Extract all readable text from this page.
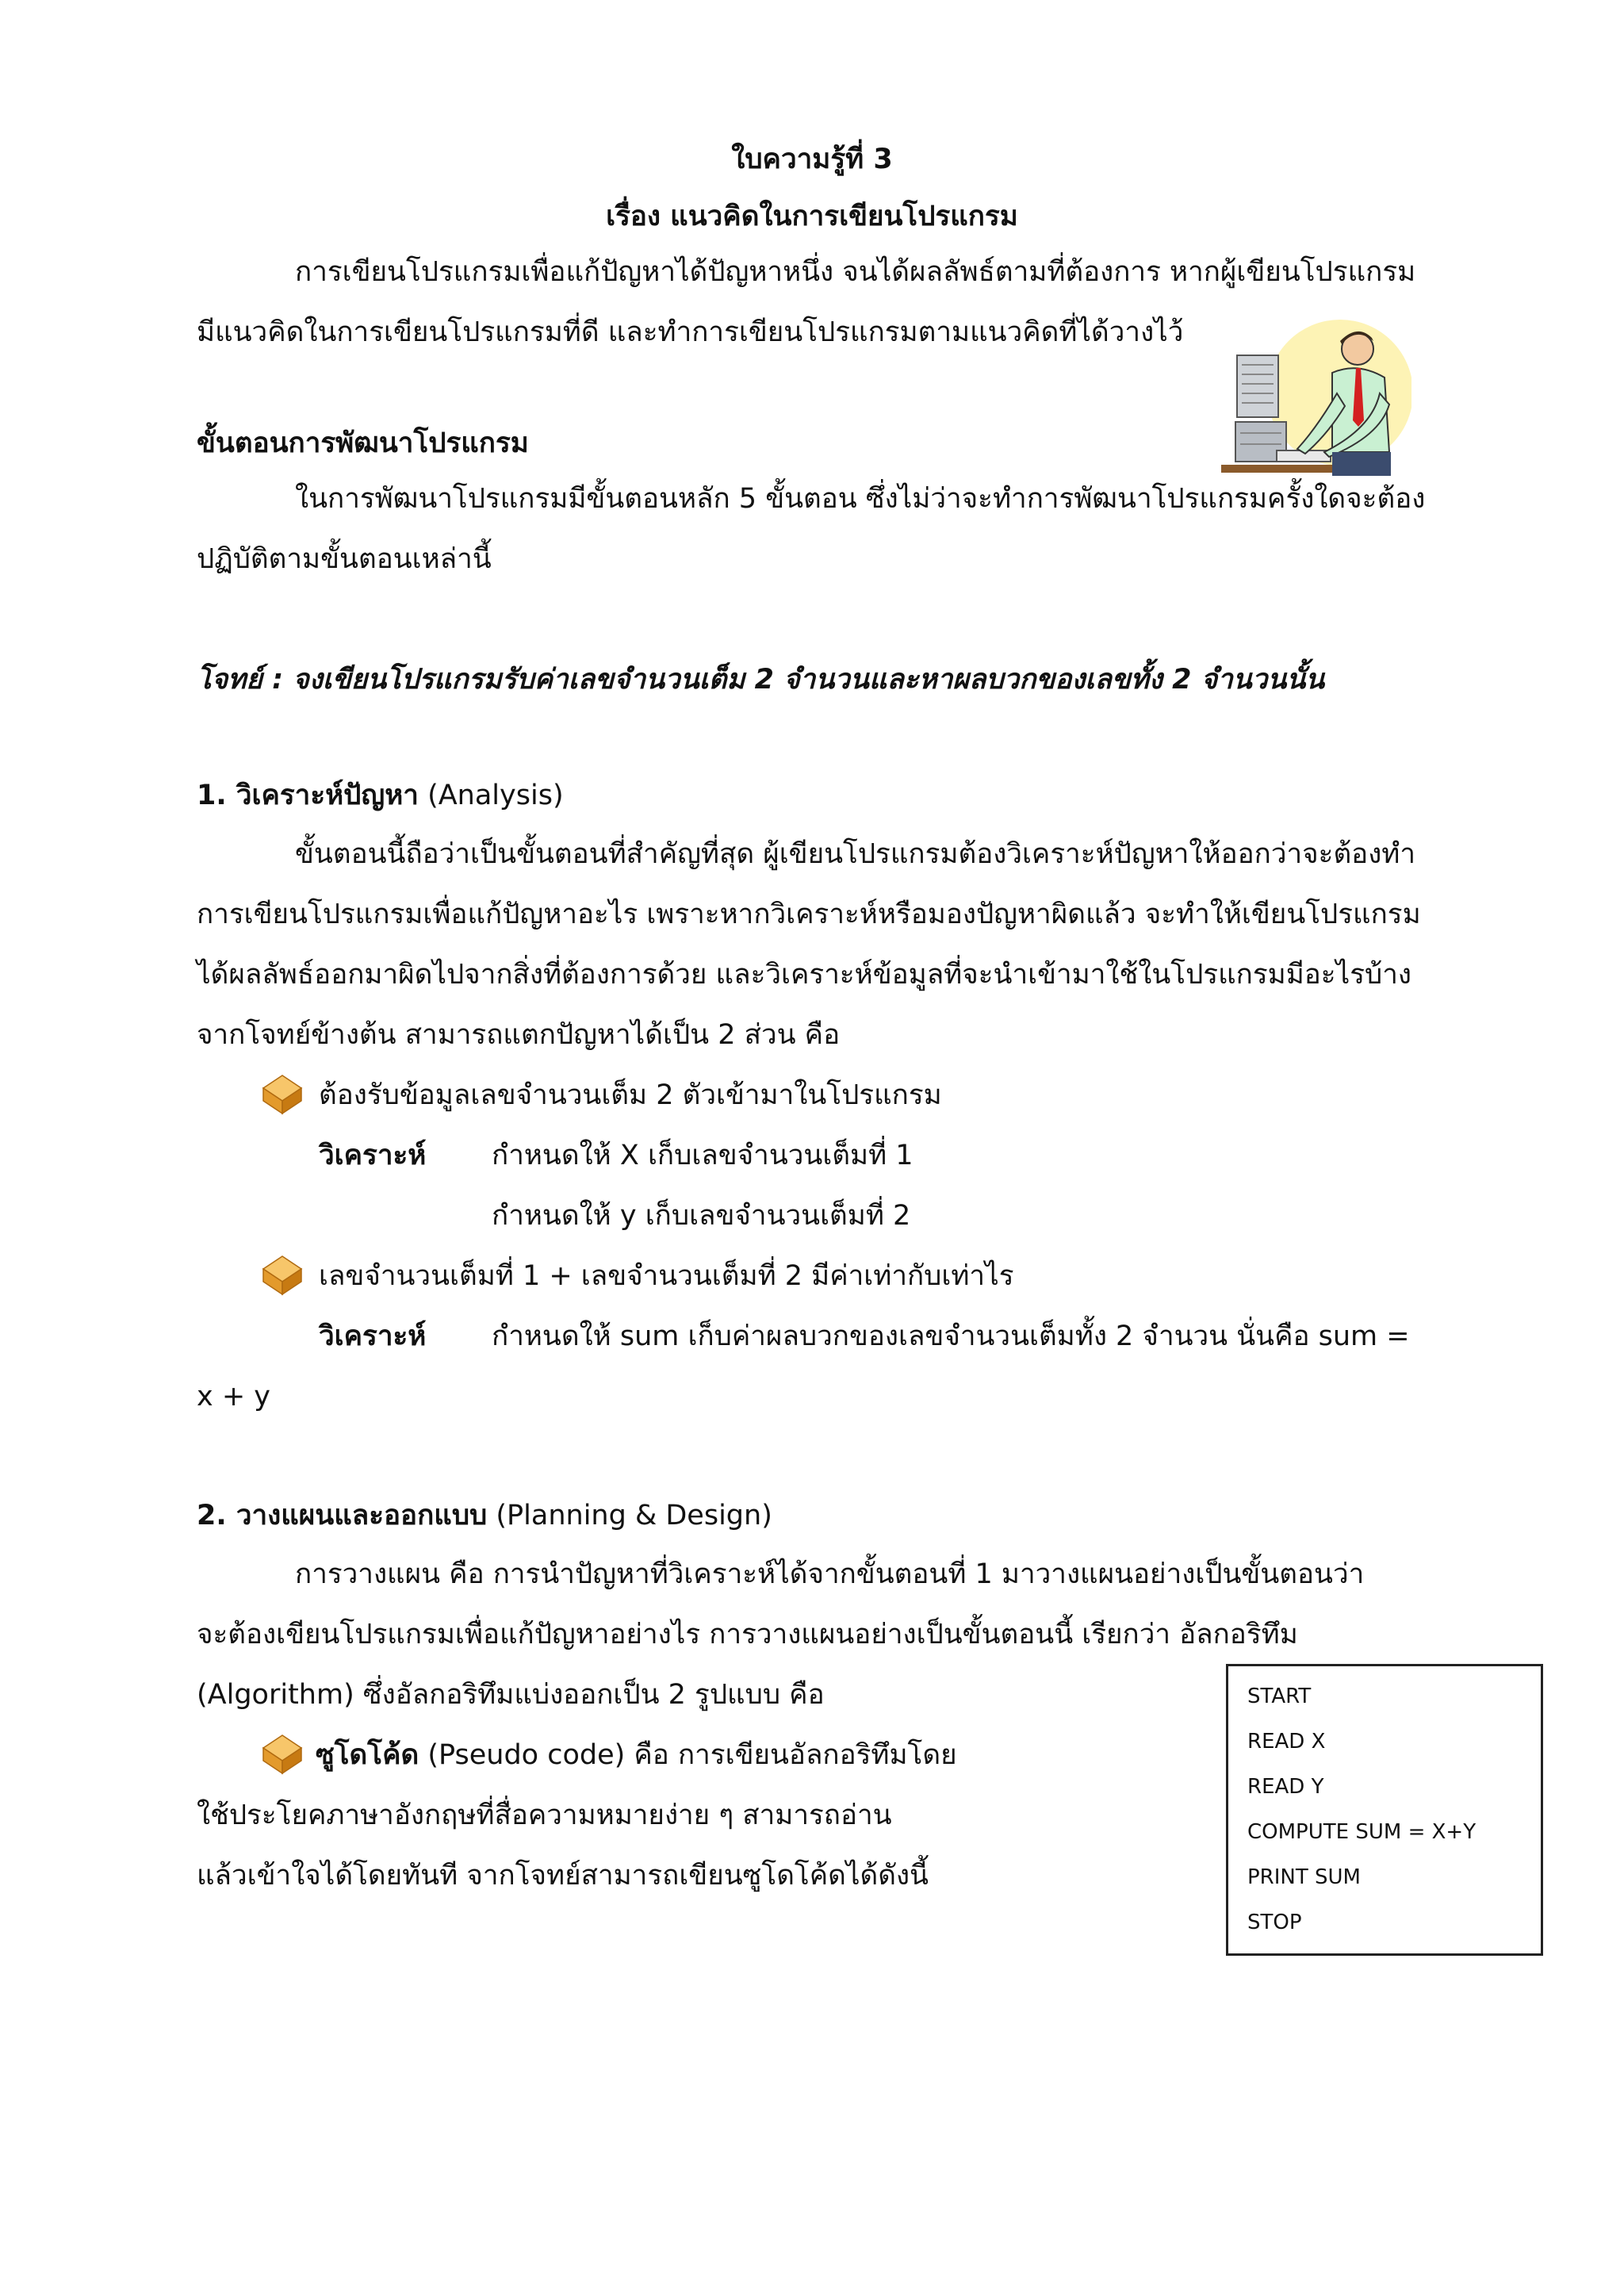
ใบความรู้ที่ 3
เรื่อง แนวคิดในการเขียนโปรแกรม
การเขียนโปรแกรมเพื่อแก้ปัญหาได้ปัญหาหนึ่ง จนได้ผลลัพธ์ตามที่ต้องการ หากผู้เขียนโปรแกรม
มีแนวคิดในการเขียนโปรแกรมที่ดี และทำการเขียนโปรแกรมตามแนวคิดที่ได้วางไว้
ขั้นตอนการพัฒนาโปรแกรม
ในการพัฒนาโปรแกรมมีขั้นตอนหลัก 5 ขั้นตอน ซึ่งไม่ว่าจะทำการพัฒนาโปรแกรมครั้งใดจะต้อง
ปฏิบัติตามขั้นตอนเหล่านี้
โจทย์ : จงเขียนโปรแกรมรับค่าเลขจำนวนเต็ม 2 จำนวนและหาผลบวกของเลขทั้ง 2 จำนวนนั้น
1. วิเคราะห์ปัญหา (Analysis)
ขั้นตอนนี้ถือว่าเป็นขั้นตอนที่สำคัญที่สุด ผู้เขียนโปรแกรมต้องวิเคราะห์ปัญหาให้ออกว่าจะต้องทำ
การเขียนโปรแกรมเพื่อแก้ปัญหาอะไร เพราะหากวิเคราะห์หรือมองปัญหาผิดแล้ว จะทำให้เขียนโปรแกรม
ได้ผลลัพธ์ออกมาผิดไปจากสิ่งที่ต้องการด้วย และวิเคราะห์ข้อมูลที่จะนำเข้ามาใช้ในโปรแกรมมีอะไรบ้าง
จากโจทย์ข้างต้น สามารถแตกปัญหาได้เป็น 2 ส่วน คือ
ต้องรับข้อมูลเลขจำนวนเต็ม 2 ตัวเข้ามาในโปรแกรม
วิเคราะห์ กำหนดให้ X เก็บเลขจำนวนเต็มที่ 1
กำหนดให้ y เก็บเลขจำนวนเต็มที่ 2
เลขจำนวนเต็มที่ 1 + เลขจำนวนเต็มที่ 2 มีค่าเท่ากับเท่าไร
วิเคราะห์ กำหนดให้ sum เก็บค่าผลบวกของเลขจำนวนเต็มทั้ง 2 จำนวน นั่นคือ sum =
x + y
2. วางแผนและออกแบบ (Planning & Design)
การวางแผน คือ การนำปัญหาที่วิเคราะห์ได้จากขั้นตอนที่ 1 มาวางแผนอย่างเป็นขั้นตอนว่า
จะต้องเขียนโปรแกรมเพื่อแก้ปัญหาอย่างไร การวางแผนอย่างเป็นขั้นตอนนี้ เรียกว่า อัลกอริทึม
(Algorithm) ซึ่งอัลกอริทึมแบ่งออกเป็น 2 รูปแบบ คือ
ซูโดโค้ด (Pseudo code) คือ การเขียนอัลกอริทึมโดย
ใช้ประโยคภาษาอังกฤษที่สื่อความหมายง่าย ๆ สามารถอ่าน
แล้วเข้าใจได้โดยทันที จากโจทย์สามารถเขียนซูโดโค้ดได้ดังนี้
START
READ X
READ Y
COMPUTE SUM = X+Y
PRINT SUM
STOP
